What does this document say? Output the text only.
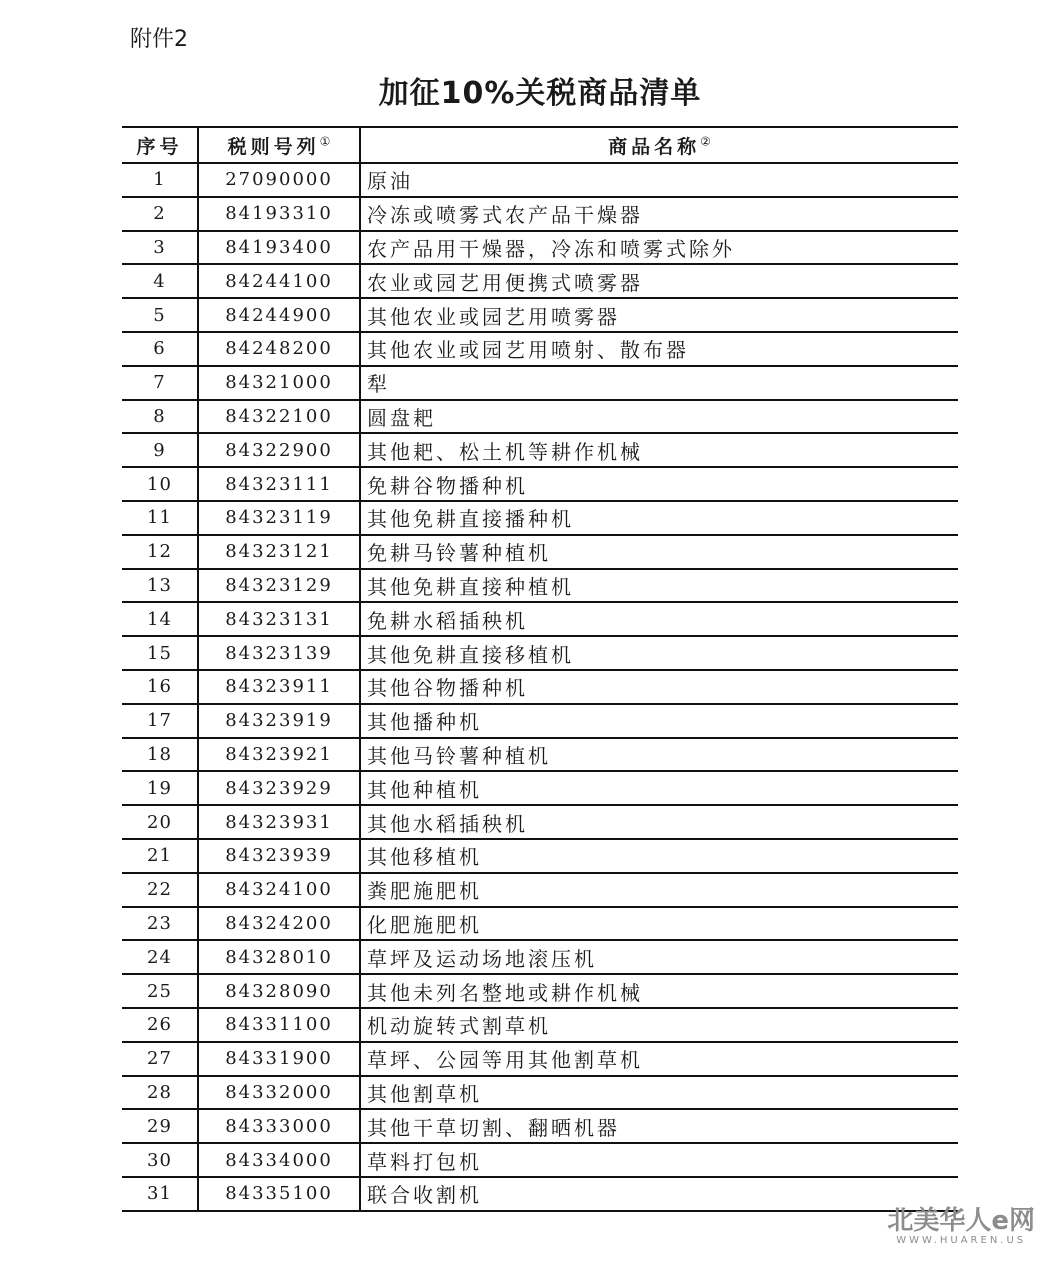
附件2
加征10%关税商品清单
序号	税则号列①	商品名称②
1	27090000	原油
2	84193310	冷冻或喷雾式农产品干燥器
3	84193400	农产品用干燥器，冷冻和喷雾式除外
4	84244100	农业或园艺用便携式喷雾器
5	84244900	其他农业或园艺用喷雾器
6	84248200	其他农业或园艺用喷射、散布器
7	84321000	犁
8	84322100	圆盘耙
9	84322900	其他耙、松土机等耕作机械
10	84323111	免耕谷物播种机
11	84323119	其他免耕直接播种机
12	84323121	免耕马铃薯种植机
13	84323129	其他免耕直接种植机
14	84323131	免耕水稻插秧机
15	84323139	其他免耕直接移植机
16	84323911	其他谷物播种机
17	84323919	其他播种机
18	84323921	其他马铃薯种植机
19	84323929	其他种植机
20	84323931	其他水稻插秧机
21	84323939	其他移植机
22	84324100	粪肥施肥机
23	84324200	化肥施肥机
24	84328010	草坪及运动场地滚压机
25	84328090	其他未列名整地或耕作机械
26	84331100	机动旋转式割草机
27	84331900	草坪、公园等用其他割草机
28	84332000	其他割草机
29	84333000	其他干草切割、翻晒机器
30	84334000	草料打包机
31	84335100	联合收割机
北美华人e网
WWW.HUAREN.US
